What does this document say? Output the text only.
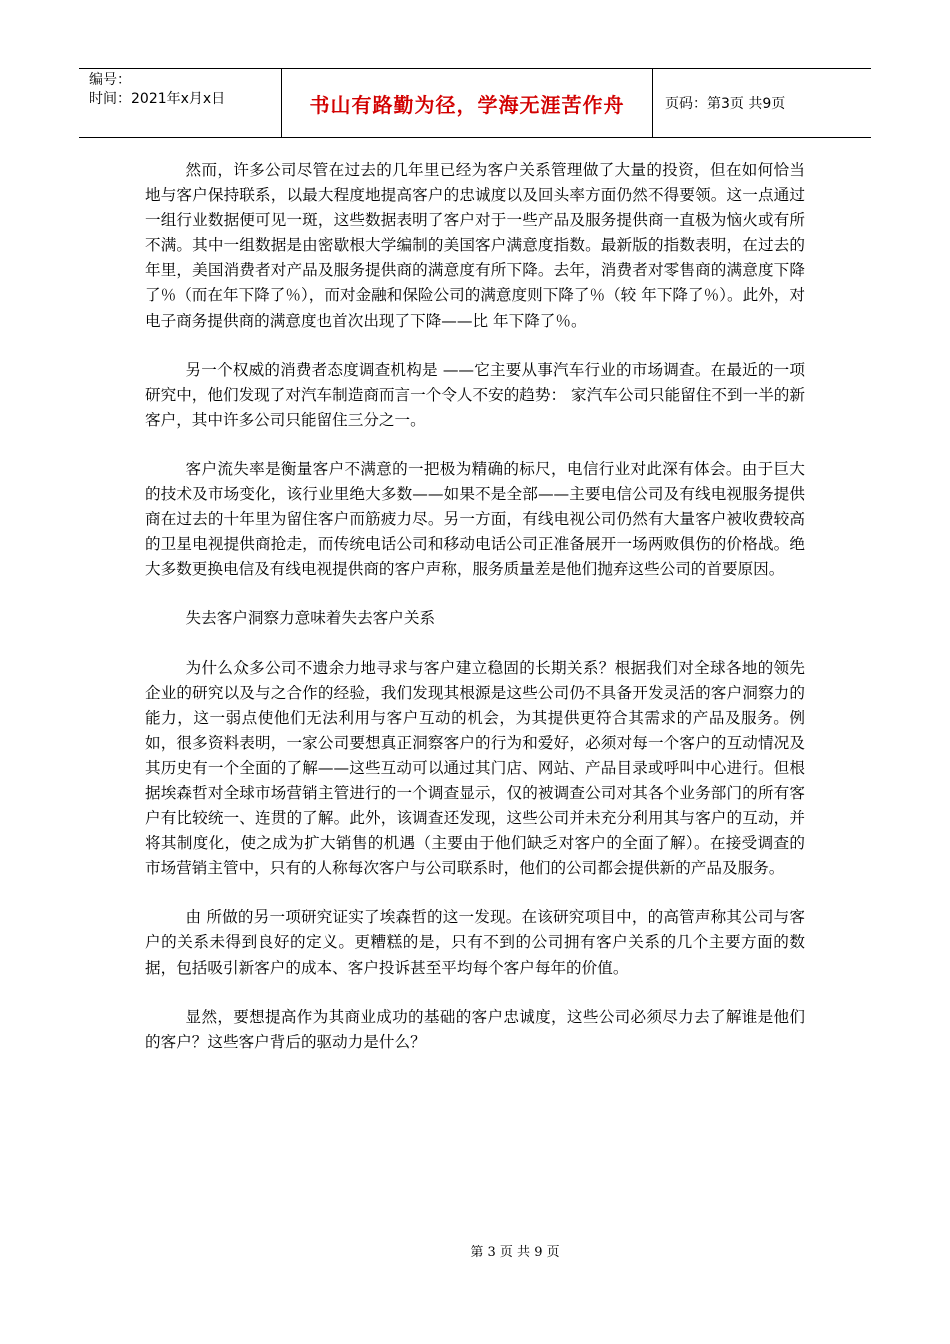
编号：
时间：2021年x月x日	书山有路勤为径，学海无涯苦作舟	页码：第3页 共9页

然而，许多公司尽管在过去的几年里已经为客户关系管理做了大量的投资，但在如何恰当地与客户保持联系，以最大程度地提高客户的忠诚度以及回头率方面仍然不得要领。这一点通过一组行业数据便可见一斑，这些数据表明了客户对于一些产品及服务提供商一直极为恼火或有所不满。其中一组数据是由密歇根大学编制的美国客户满意度指数。最新版的指数表明，在过去的 年里，美国消费者对产品及服务提供商的满意度有所下降。去年，消费者对零售商的满意度下降了％（而在年下降了％），而对金融和保险公司的满意度则下降了％（较 年下降了％）。此外，对电子商务提供商的满意度也首次出现了下降——比 年下降了％。

另一个权威的消费者态度调查机构是 ——它主要从事汽车行业的市场调查。在最近的一项研究中，他们发现了对汽车制造商而言一个令人不安的趋势： 家汽车公司只能留住不到一半的新客户，其中许多公司只能留住三分之一。

客户流失率是衡量客户不满意的一把极为精确的标尺，电信行业对此深有体会。由于巨大的技术及市场变化，该行业里绝大多数——如果不是全部——主要电信公司及有线电视服务提供商在过去的十年里为留住客户而筋疲力尽。另一方面，有线电视公司仍然有大量客户被收费较高的卫星电视提供商抢走，而传统电话公司和移动电话公司正准备展开一场两败俱伤的价格战。绝大多数更换电信及有线电视提供商的客户声称，服务质量差是他们抛弃这些公司的首要原因。

失去客户洞察力意味着失去客户关系

为什么众多公司不遗余力地寻求与客户建立稳固的长期关系？根据我们对全球各地的领先企业的研究以及与之合作的经验，我们发现其根源是这些公司仍不具备开发灵活的客户洞察力的能力，这一弱点使他们无法利用与客户互动的机会，为其提供更符合其需求的产品及服务。例如，很多资料表明，一家公司要想真正洞察客户的行为和爱好，必须对每一个客户的互动情况及其历史有一个全面的了解——这些互动可以通过其门店、网站、产品目录或呼叫中心进行。但根据埃森哲对全球市场营销主管进行的一个调查显示，仅的被调查公司对其各个业务部门的所有客户有比较统一、连贯的了解。此外，该调查还发现，这些公司并未充分利用其与客户的互动，并将其制度化，使之成为扩大销售的机遇（主要由于他们缺乏对客户的全面了解）。在接受调查的市场营销主管中，只有的人称每次客户与公司联系时，他们的公司都会提供新的产品及服务。

由 所做的另一项研究证实了埃森哲的这一发现。在该研究项目中，的高管声称其公司与客户的关系未得到良好的定义。更糟糕的是，只有不到的公司拥有客户关系的几个主要方面的数据，包括吸引新客户的成本、客户投诉甚至平均每个客户每年的价值。

显然，要想提高作为其商业成功的基础的客户忠诚度，这些公司必须尽力去了解谁是他们的客户？这些客户背后的驱动力是什么？

第 3 页 共 9 页
